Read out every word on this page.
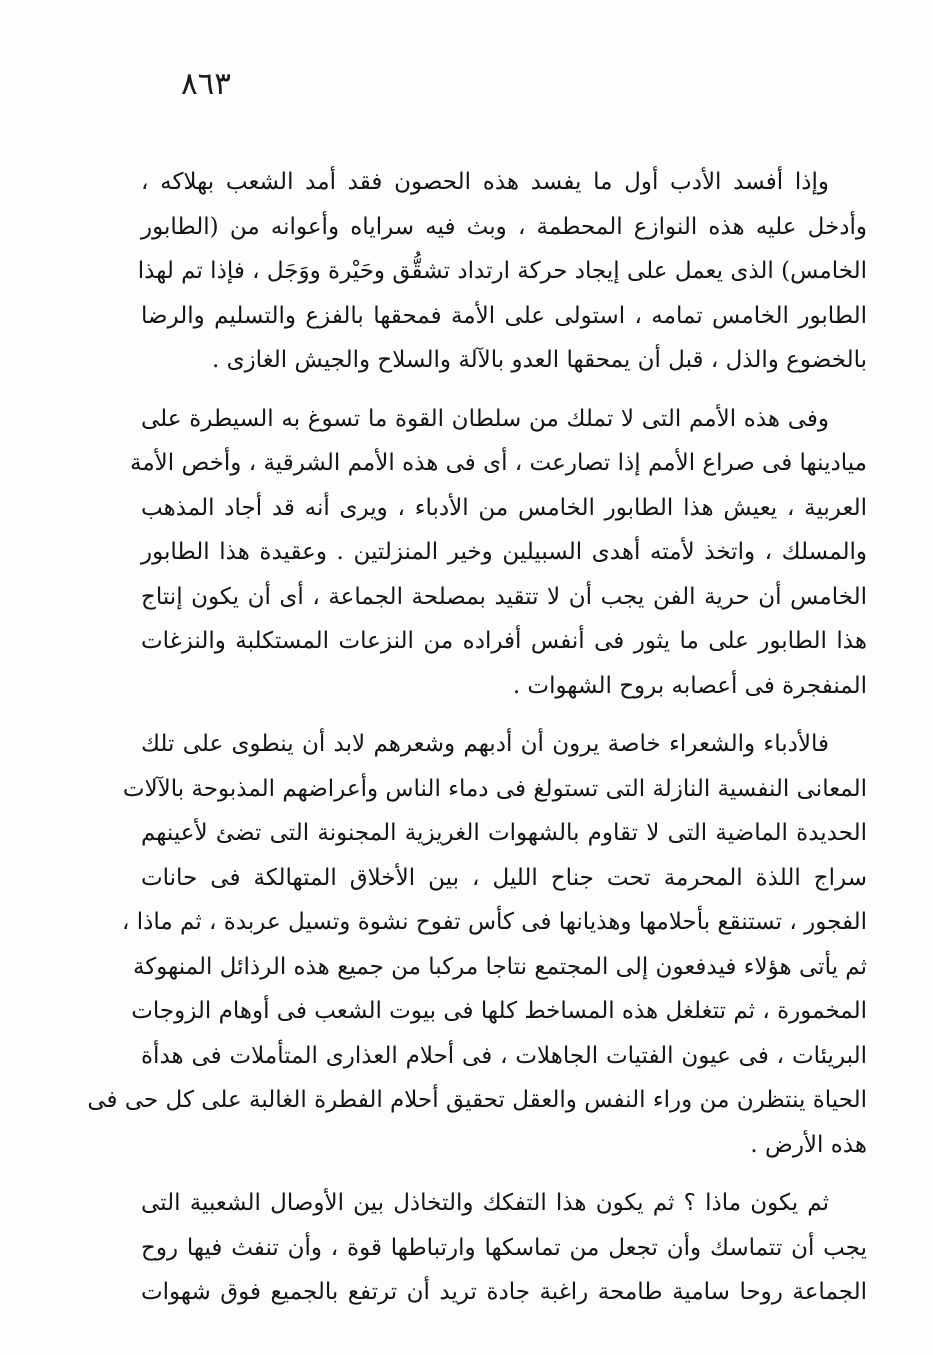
٨٦٣
وإذا أفسد الأدب أول ما يفسد هذه الحصون فقد أمد الشعب بهلاكه ،
وأدخل عليه هذه النوازع المحطمة ، وبث فيه سراياه وأعوانه من (الطابور
الخامس) الذى يعمل على إيجاد حركة ارتداد تشقُّق وحَيْرة ووَجَل ، فإذا تم لهذا
الطابور الخامس تمامه ، استولى على الأمة فمحقها بالفزع والتسليم والرضا
بالخضوع والذل ، قبل أن يمحقها العدو بالآلة والسلاح والجيش الغازى .
وفى هذه الأمم التى لا تملك من سلطان القوة ما تسوغ به السيطرة على
ميادينها فى صراع الأمم إذا تصارعت ، أى فى هذه الأمم الشرقية ، وأخص الأمة
العربية ، يعيش هذا الطابور الخامس من الأدباء ، ويرى أنه قد أجاد المذهب
والمسلك ، واتخذ لأمته أهدى السبيلين وخير المنزلتين . وعقيدة هذا الطابور
الخامس أن حرية الفن يجب أن لا تتقيد بمصلحة الجماعة ، أى أن يكون إنتاج
هذا الطابور على ما يثور فى أنفس أفراده من النزعات المستكلبة والنزغات
المنفجرة فى أعصابه بروح الشهوات .
فالأدباء والشعراء خاصة يرون أن أدبهم وشعرهم لابد أن ينطوى على تلك
المعانى النفسية النازلة التى تستولغ فى دماء الناس وأعراضهم المذبوحة بالآلات
الحديدة الماضية التى لا تقاوم بالشهوات الغريزية المجنونة التى تضئ لأعينهم
سراج اللذة المحرمة تحت جناح الليل ، بين الأخلاق المتهالكة فى حانات
الفجور ، تستنقع بأحلامها وهذيانها فى كأس تفوح نشوة وتسيل عربدة ، ثم ماذا ،
ثم يأتى هؤلاء فيدفعون إلى المجتمع نتاجا مركبا من جميع هذه الرذائل المنهوكة
المخمورة ، ثم تتغلغل هذه المساخط كلها فى بيوت الشعب فى أوهام الزوجات
البريئات ، فى عيون الفتيات الجاهلات ، فى أحلام العذارى المتأملات فى هدأة
الحياة ينتظرن من وراء النفس والعقل تحقيق أحلام الفطرة الغالبة على كل حى فى
هذه الأرض .
ثم يكون ماذا ؟ ثم يكون هذا التفكك والتخاذل بين الأوصال الشعبية التى
يجب أن تتماسك وأن تجعل من تماسكها وارتباطها قوة ، وأن تنفث فيها روح
الجماعة روحا سامية طامحة راغبة جادة تريد أن ترتفع بالجميع فوق شهوات
